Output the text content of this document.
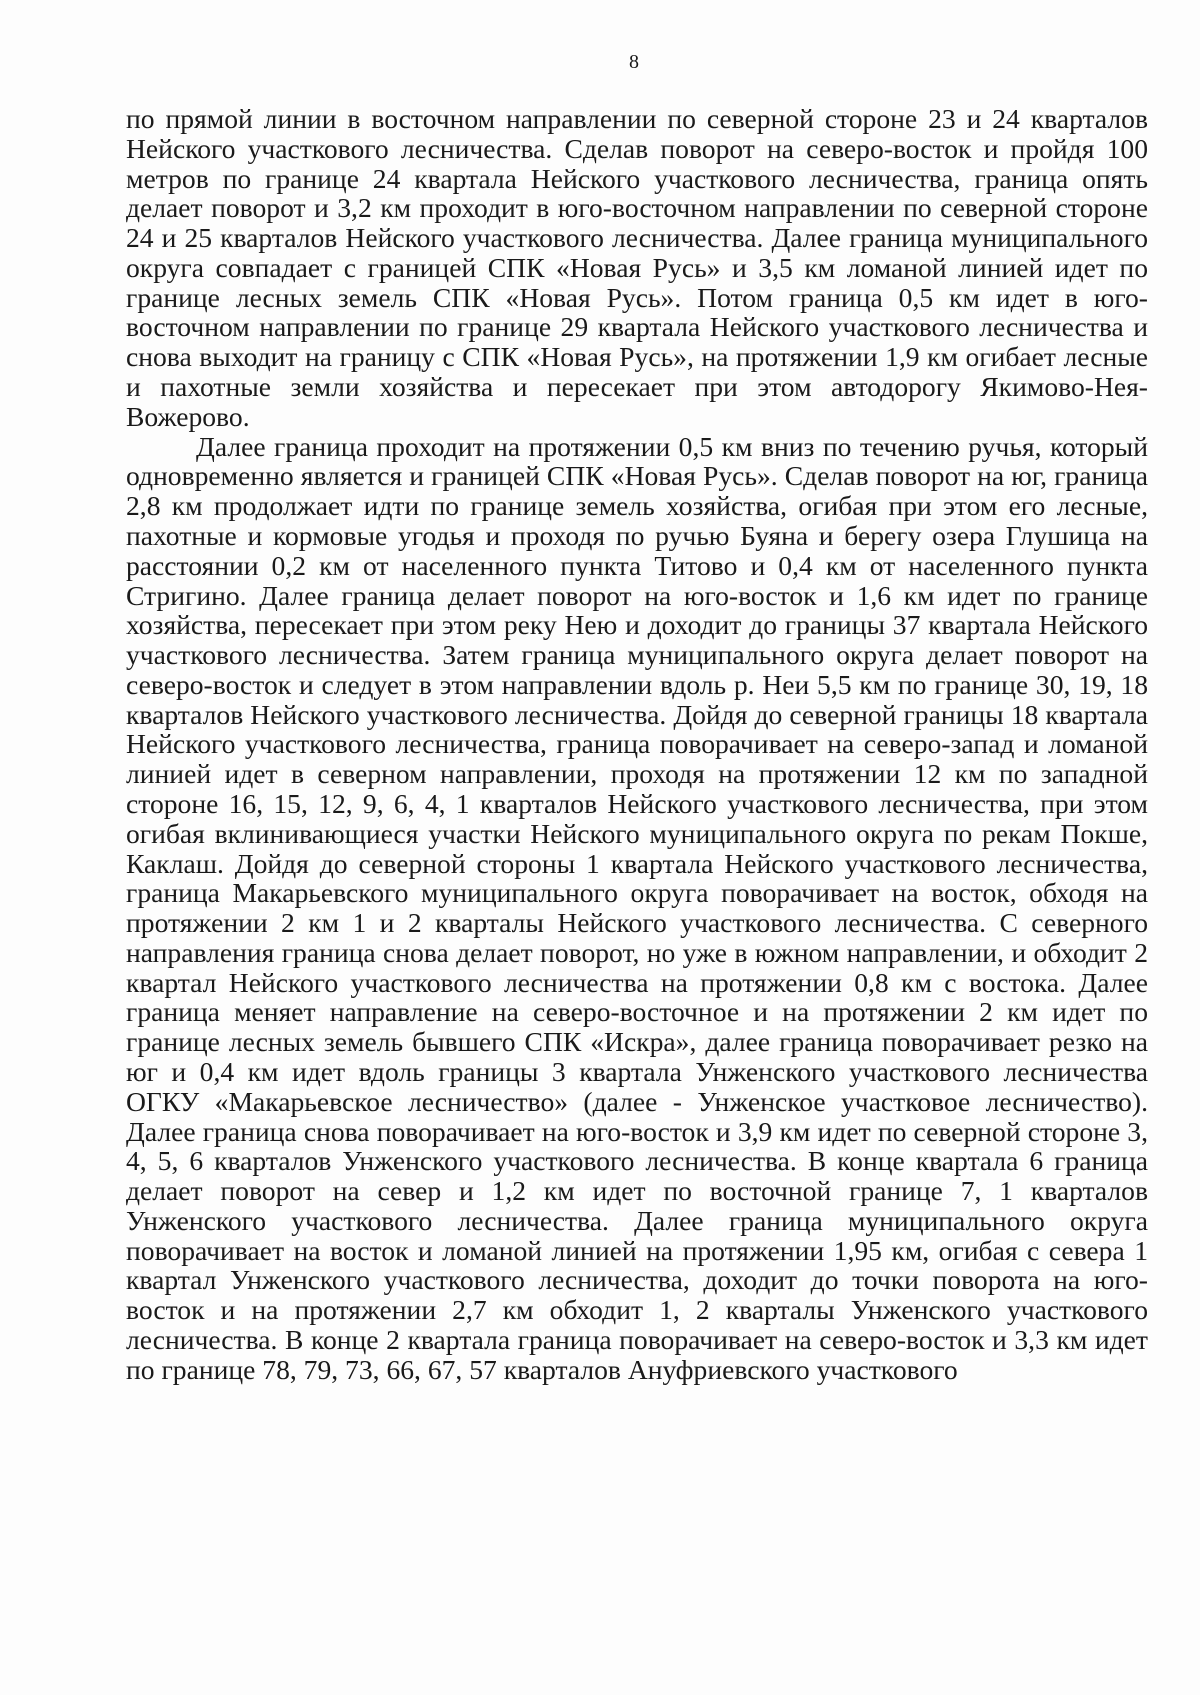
8

по прямой линии в восточном направлении по северной стороне 23 и 24 кварталов Нейского участкового лесничества. Сделав поворот на северо-восток и пройдя 100 метров по границе 24 квартала Нейского участкового лесничества, граница опять делает поворот и 3,2 км проходит в юго-восточном направлении по северной стороне 24 и 25 кварталов Нейского участкового лесничества. Далее граница муниципального округа совпадает с границей СПК «Новая Русь» и 3,5 км ломаной линией идет по границе лесных земель СПК «Новая Русь». Потом граница 0,5 км идет в юго-восточном направлении по границе 29 квартала Нейского участкового лесничества и снова выходит на границу с СПК «Новая Русь», на протяжении 1,9 км огибает лесные и пахотные земли хозяйства и пересекает при этом автодорогу Якимово-Нея-Вожерово.

Далее граница проходит на протяжении 0,5 км вниз по течению ручья, который одновременно является и границей СПК «Новая Русь». Сделав поворот на юг, граница 2,8 км продолжает идти по границе земель хозяйства, огибая при этом его лесные, пахотные и кормовые угодья и проходя по ручью Буяна и берегу озера Глушица на расстоянии 0,2 км от населенного пункта Титово и 0,4 км от населенного пункта Стригино. Далее граница делает поворот на юго-восток и 1,6 км идет по границе хозяйства, пересекает при этом реку Нею и доходит до границы 37 квартала Нейского участкового лесничества. Затем граница муниципального округа делает поворот на северо-восток и следует в этом направлении вдоль р. Неи 5,5 км по границе 30, 19, 18 кварталов Нейского участкового лесничества. Дойдя до северной границы 18 квартала Нейского участкового лесничества, граница поворачивает на северо-запад и ломаной линией идет в северном направлении, проходя на протяжении 12 км по западной стороне 16, 15, 12, 9, 6, 4, 1 кварталов Нейского участкового лесничества, при этом огибая вклинивающиеся участки Нейского муниципального округа по рекам Покше, Каклаш. Дойдя до северной стороны 1 квартала Нейского участкового лесничества, граница Макарьевского муниципального округа поворачивает на восток, обходя на протяжении 2 км 1 и 2 кварталы Нейского участкового лесничества. С северного направления граница снова делает поворот, но уже в южном направлении, и обходит 2 квартал Нейского участкового лесничества на протяжении 0,8 км с востока. Далее граница меняет направление на северо-восточное и на протяжении 2 км идет по границе лесных земель бывшего СПК «Искра», далее граница поворачивает резко на юг и 0,4 км идет вдоль границы 3 квартала Унженского участкового лесничества ОГКУ «Макарьевское лесничество» (далее - Унженское участковое лесничество). Далее граница снова поворачивает на юго-восток и 3,9 км идет по северной стороне 3, 4, 5, 6 кварталов Унженского участкового лесничества. В конце квартала 6 граница делает поворот на север и 1,2 км идет по восточной границе 7, 1 кварталов Унженского участкового лесничества. Далее граница муниципального округа поворачивает на восток и ломаной линией на протяжении 1,95 км, огибая с севера 1 квартал Унженского участкового лесничества, доходит до точки поворота на юго-восток и на протяжении 2,7 км обходит 1, 2 кварталы Унженского участкового лесничества. В конце 2 квартала граница поворачивает на северо-восток и 3,3 км идет по границе 78, 79, 73, 66, 67, 57 кварталов Ануфриевского участкового
